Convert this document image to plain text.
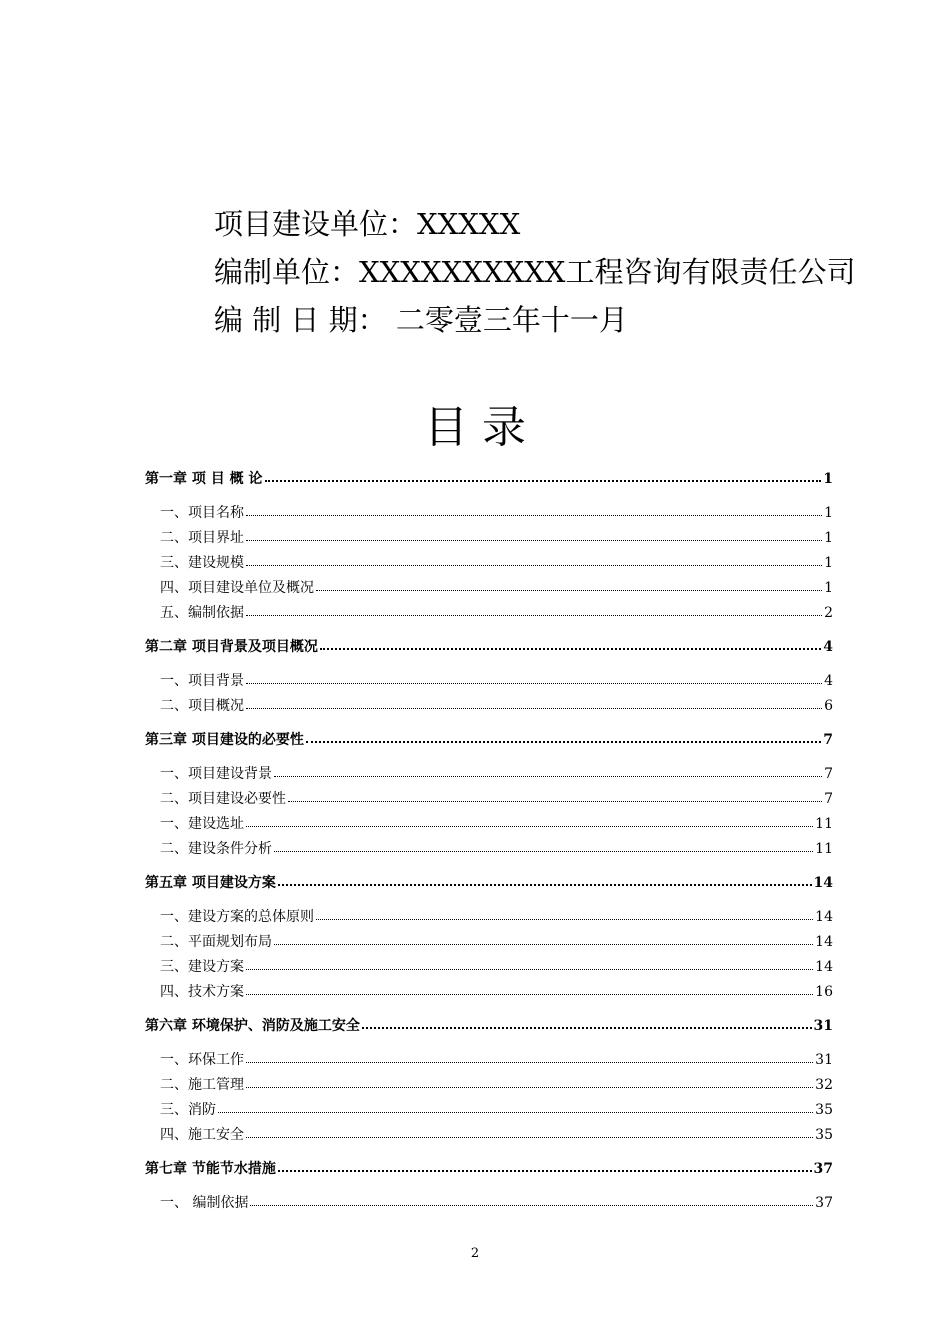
项目建设单位：XXXXX
编制单位：XXXXXXXXXX工程咨询有限责任公司
编 制 日 期： 二零壹三年十一月
目 录
第一章 项 目 概 论	1
一、项目名称	1
二、项目界址	1
三、建设规模	1
四、项目建设单位及概况	1
五、编制依据	2
第二章 项目背景及项目概况	4
一、项目背景	4
二、项目概况	6
第三章 项目建设的必要性	7
一、项目建设背景	7
二、项目建设必要性	7
一、建设选址	11
二、建设条件分析	11
第五章 项目建设方案	14
一、建设方案的总体原则	14
二、平面规划布局	14
三、建设方案	14
四、技术方案	16
第六章 环境保护、消防及施工安全	31
一、环保工作	31
二、施工管理	32
三、消防	35
四、施工安全	35
第七章 节能节水措施	37
一、 编制依据	37
2
